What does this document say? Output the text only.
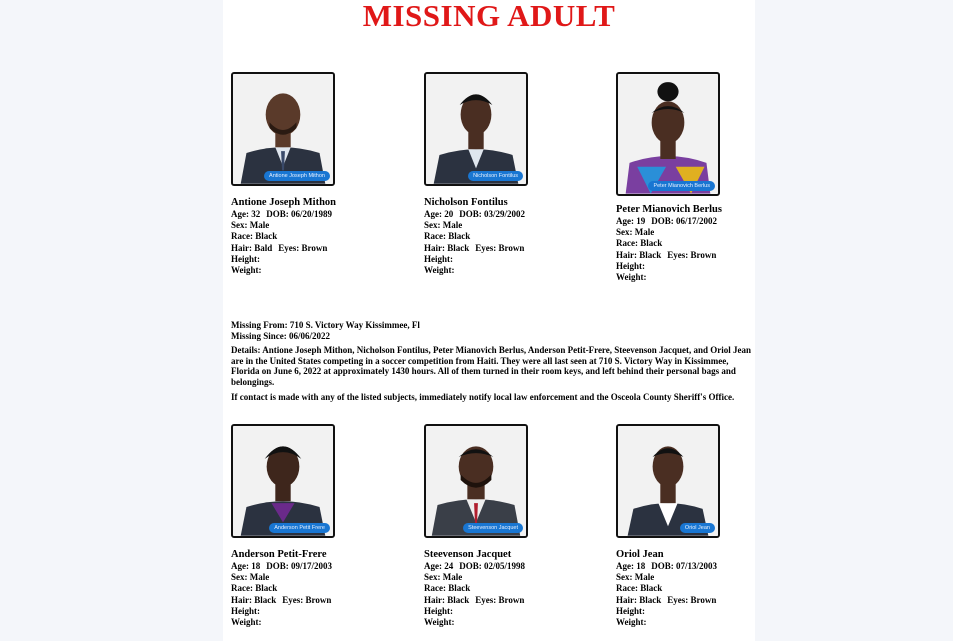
MISSING ADULT
Antione Joseph Mithon
Antione Joseph Mithon
Age: 32 DOB: 06/20/1989
Sex: Male
Race: Black
Hair: Bald Eyes: Brown
Height:
Weight:
Nicholson Fontilus
Nicholson Fontilus
Age: 20 DOB: 03/29/2002
Sex: Male
Race: Black
Hair: Black Eyes: Brown
Height:
Weight:
Peter Mianovich Berlus
Peter Mianovich Berlus
Age: 19 DOB: 06/17/2002
Sex: Male
Race: Black
Hair: Black Eyes: Brown
Height:
Weight:
Missing From: 710 S. Victory Way Kissimmee, Fl
Missing Since: 06/06/2022
Details: Antione Joseph Mithon, Nicholson Fontilus, Peter Mianovich Berlus, Anderson Petit-Frere, Steevenson Jacquet, and Oriol Jean are in the United States competing in a soccer competition from Haiti. They were all last seen at 710 S. Victory Way in Kissimmee, Florida on June 6, 2022 at approximately 1430 hours. All of them turned in their room keys, and left behind their personal bags and belongings.
If contact is made with any of the listed subjects, immediately notify local law enforcement and the Osceola County Sheriff's Office.
Anderson Petit Frere
Anderson Petit-Frere
Age: 18 DOB: 09/17/2003
Sex: Male
Race: Black
Hair: Black Eyes: Brown
Height:
Weight:
Steevenson Jacquet
Steevenson Jacquet
Age: 24 DOB: 02/05/1998
Sex: Male
Race: Black
Hair: Black Eyes: Brown
Height:
Weight:
Oriol Jean
Oriol Jean
Age: 18 DOB: 07/13/2003
Sex: Male
Race: Black
Hair: Black Eyes: Brown
Height:
Weight:
